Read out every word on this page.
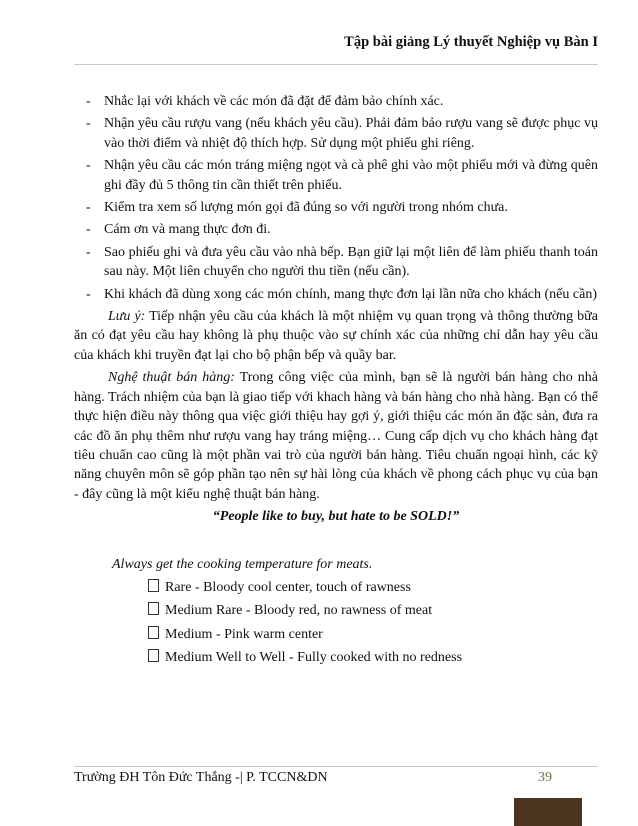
Tập bài giảng Lý thuyết Nghiệp vụ Bàn I
- Nhắc lại với khách về các món đã đặt để đảm bảo chính xác.
- Nhận yêu cầu rượu vang (nếu khách yêu cầu). Phải đảm bảo rượu vang sẽ được phục vụ vào thời điểm và nhiệt độ thích hợp. Sử dụng một phiếu ghi riêng.
- Nhận yêu cầu các món tráng miệng ngọt và cà phê ghi vào một phiếu mới và đừng quên ghi đầy đủ 5 thông tin cần thiết trên phiếu.
- Kiểm tra xem số lượng món gọi đã đúng so với người trong nhóm chưa.
- Cám ơn và mang thực đơn đi.
- Sao phiếu ghi và đưa yêu cầu vào nhà bếp. Bạn giữ lại một liên để làm phiếu thanh toán sau này. Một liên chuyển cho người thu tiền (nếu cần).
- Khi khách đã dùng xong các món chính, mang thực đơn lại lần nữa cho khách (nếu cần)

Lưu ý: Tiếp nhận yêu cầu của khách là một nhiệm vụ quan trọng và thông thường bữa ăn có đạt yêu cầu hay không là phụ thuộc vào sự chính xác của những chỉ dẫn hay yêu cầu của khách khi truyền đạt lại cho bộ phận bếp và quầy bar.

Nghệ thuật bán hàng: Trong công việc của mình, bạn sẽ là người bán hàng cho nhà hàng. Trách nhiệm của bạn là giao tiếp với khach hàng và bán hàng cho nhà hàng. Bạn có thể thực hiện điều này thông qua việc giới thiệu hay gợi ý, giới thiệu các món ăn đặc sản, đưa ra các đồ ăn phụ thêm như rượu vang hay tráng miệng… Cung cấp dịch vụ cho khách hàng đạt tiêu chuẩn cao cũng là một phần vai trò của người bán hàng. Tiêu chuẩn ngoại hình, các kỹ năng chuyên môn sẽ góp phần tạo nên sự hài lòng của khách về phong cách phục vụ của bạn - đây cũng là một kiểu nghệ thuật bán hàng.

“People like to buy, but hate to be SOLD!”
Always get the cooking temperature for meats.
Rare - Bloody cool center, touch of rawness
Medium Rare - Bloody red, no rawness of meat
Medium - Pink warm center
Medium Well to Well - Fully cooked with no redness
Trường ĐH Tôn Đức Thắng -| P. TCCN&DN	39
